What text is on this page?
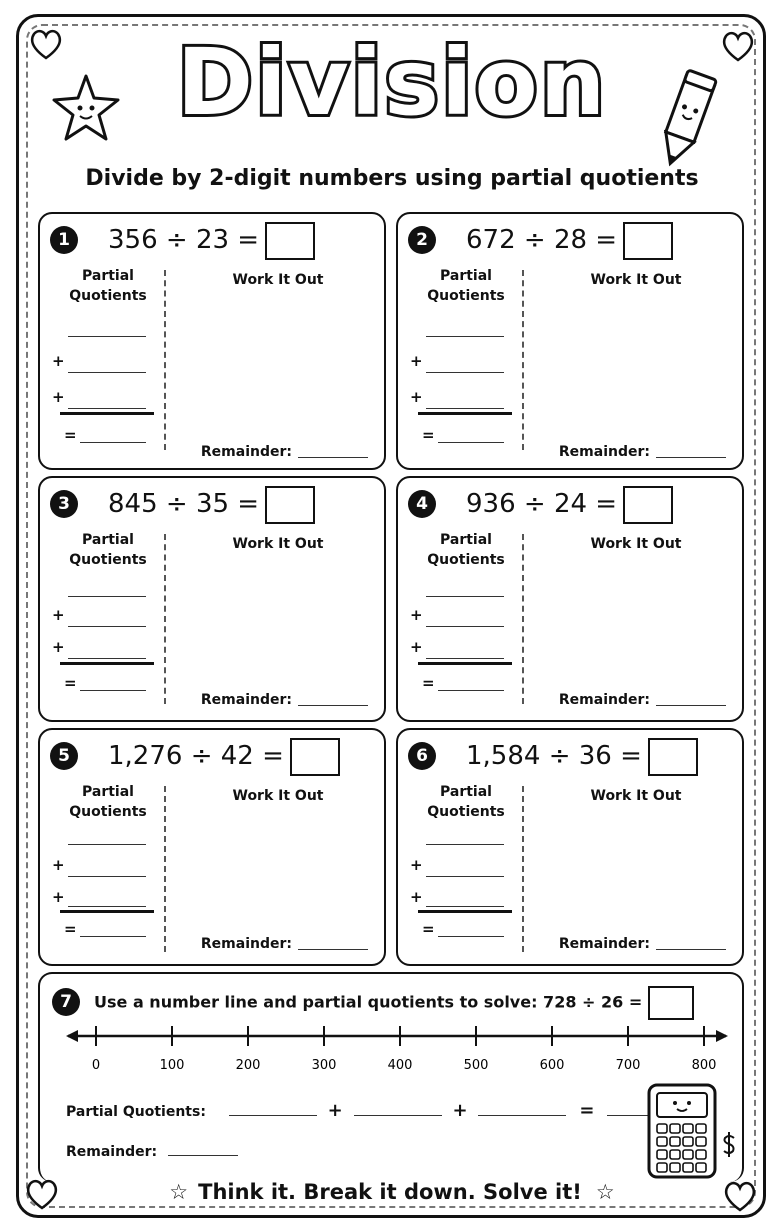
Division
Divide by 2-digit numbers using partial quotients
1	356 ÷ 23 =
Partial
Quotients
Work It Out
+
+
=
Remainder:
2	672 ÷ 28 =
Partial
Quotients
Work It Out
+
+
=
Remainder:
3	845 ÷ 35 =
Partial
Quotients
Work It Out
+
+
=
Remainder:
4	936 ÷ 24 =
Partial
Quotients
Work It Out
+
+
=
Remainder:
5	1,276 ÷ 42 =
Partial
Quotients
Work It Out
+
+
=
Remainder:
6	1,584 ÷ 36 =
Partial
Quotients
Work It Out
+
+
=
Remainder:
7	Use a number line and partial quotients to solve: 728 ÷ 26 =
0	100	200	300	400	500	600	700	800
Partial Quotients:	+	+	=
Remainder:
☆ Think it. Break it down. Solve it! ☆
